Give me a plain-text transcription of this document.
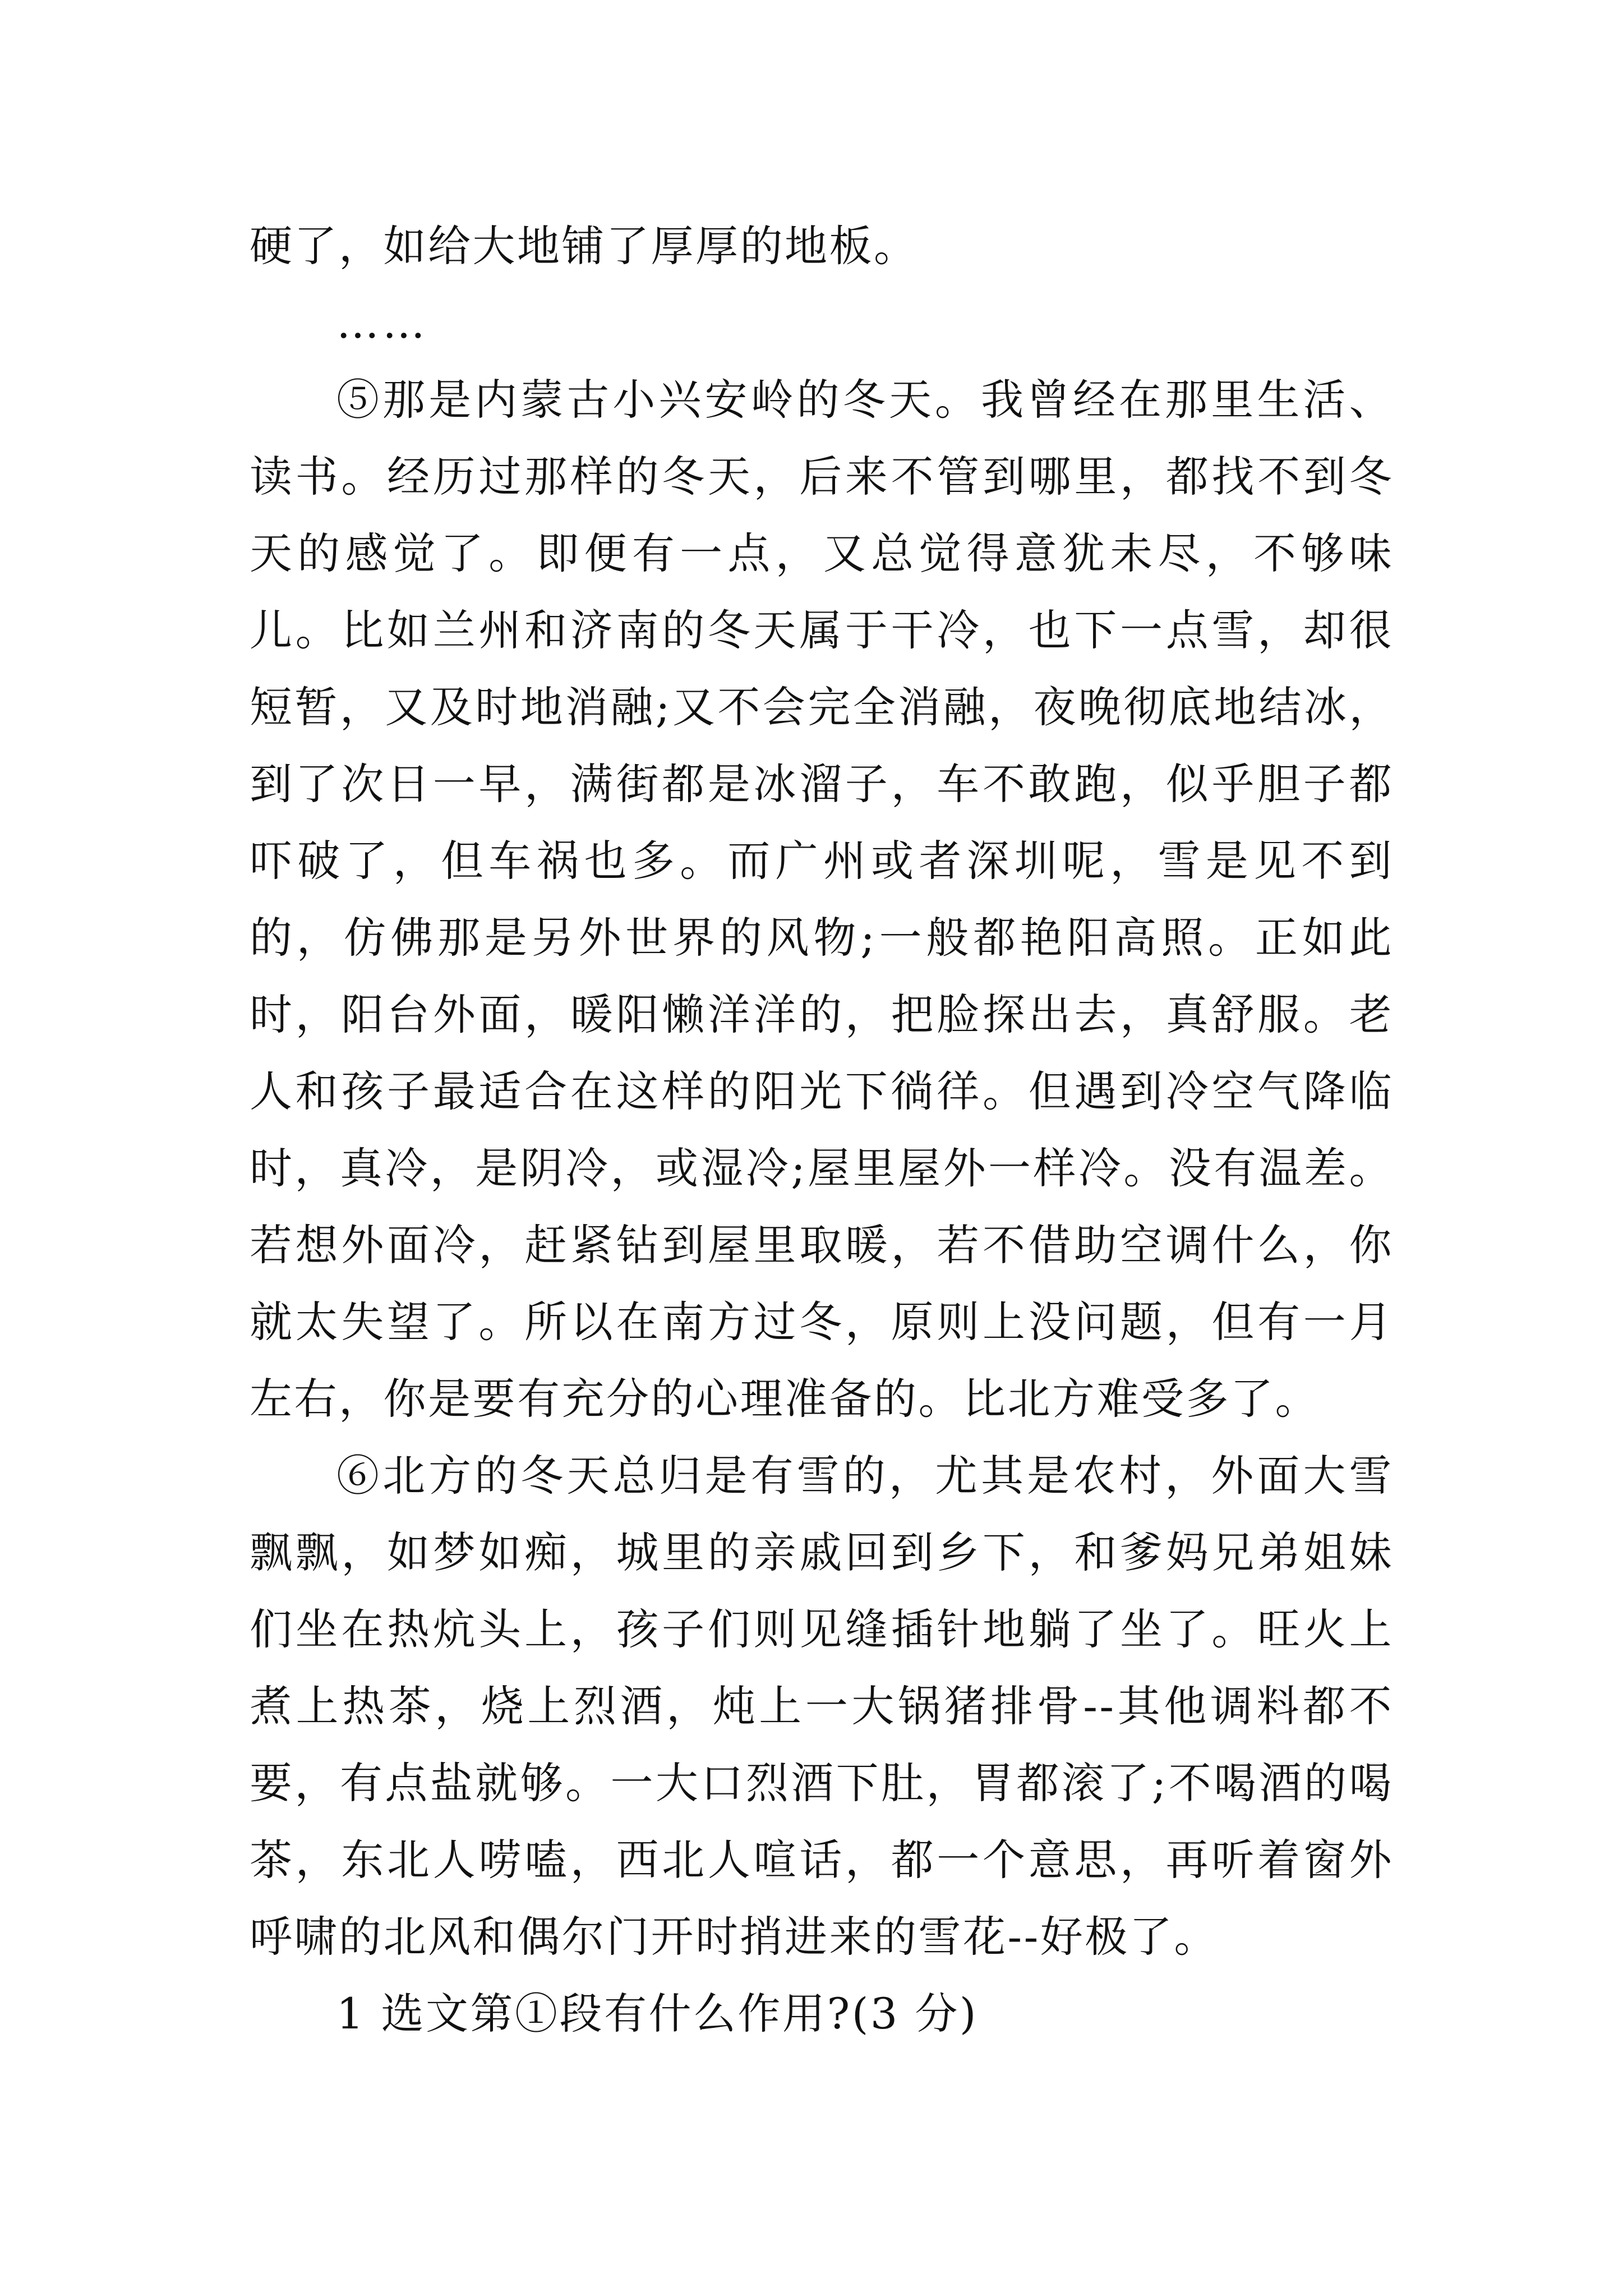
硬了，如给大地铺了厚厚的地板。

……

⑤那是内蒙古小兴安岭的冬天。我曾经在那里生活、读书。经历过那样的冬天，后来不管到哪里，都找不到冬天的感觉了。即便有一点，又总觉得意犹未尽，不够味儿。比如兰州和济南的冬天属于干冷，也下一点雪，却很短暂，又及时地消融;又不会完全消融，夜晚彻底地结冰，到了次日一早，满街都是冰溜子，车不敢跑，似乎胆子都吓破了，但车祸也多。而广州或者深圳呢，雪是见不到的，仿佛那是另外世界的风物;一般都艳阳高照。正如此时，阳台外面，暖阳懒洋洋的，把脸探出去，真舒服。老人和孩子最适合在这样的阳光下徜徉。但遇到冷空气降临时，真冷，是阴冷，或湿冷;屋里屋外一样冷。没有温差。若想外面冷，赶紧钻到屋里取暖，若不借助空调什么，你就太失望了。所以在南方过冬，原则上没问题，但有一月左右，你是要有充分的心理准备的。比北方难受多了。

⑥北方的冬天总归是有雪的，尤其是农村，外面大雪飘飘，如梦如痴，城里的亲戚回到乡下，和爹妈兄弟姐妹们坐在热炕头上，孩子们则见缝插针地躺了坐了。旺火上煮上热茶，烧上烈酒，炖上一大锅猪排骨--其他调料都不要，有点盐就够。一大口烈酒下肚，胃都滚了;不喝酒的喝茶，东北人唠嗑，西北人喧话，都一个意思，再听着窗外呼啸的北风和偶尔门开时捎进来的雪花--好极了。

1 选文第①段有什么作用?(3 分)
